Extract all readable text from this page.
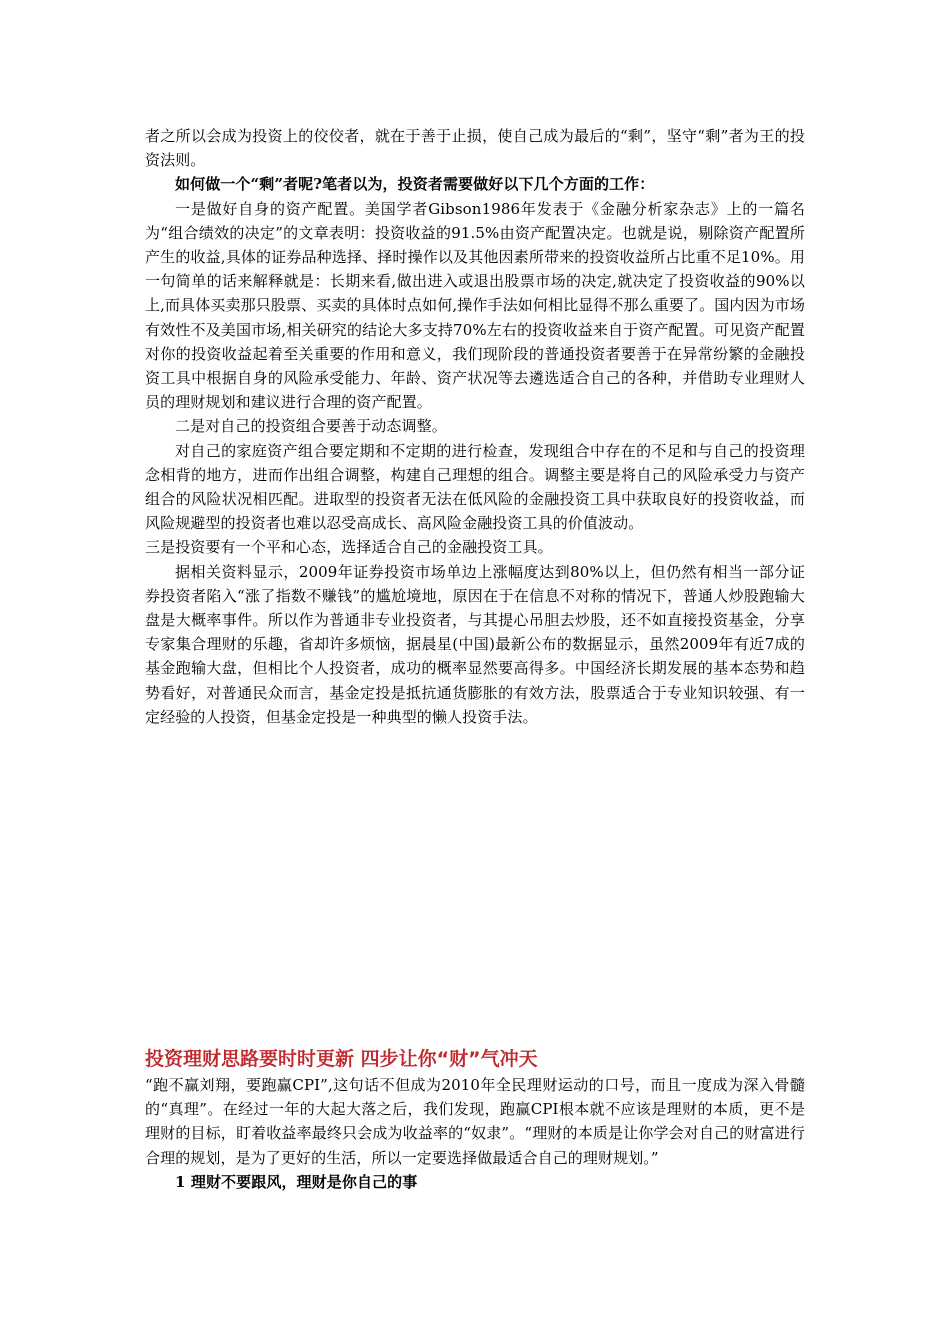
者之所以会成为投资上的佼佼者，就在于善于止损，使自己成为最后的“剩”，坚守“剩”者为王的投资法则。

如何做一个“剩”者呢?笔者以为，投资者需要做好以下几个方面的工作：

一是做好自身的资产配置。美国学者Gibson1986年发表于《金融分析家杂志》上的一篇名为“组合绩效的决定”的文章表明：投资收益的91.5%由资产配置决定。也就是说，剔除资产配置所产生的收益,具体的证券品种选择、择时操作以及其他因素所带来的投资收益所占比重不足10%。用一句简单的话来解释就是：长期来看,做出进入或退出股票市场的决定,就决定了投资收益的90%以上,而具体买卖那只股票、买卖的具体时点如何,操作手法如何相比显得不那么重要了。国内因为市场有效性不及美国市场,相关研究的结论大多支持70%左右的投资收益来自于资产配置。可见资产配置对你的投资收益起着至关重要的作用和意义，我们现阶段的普通投资者要善于在异常纷繁的金融投资工具中根据自身的风险承受能力、年龄、资产状况等去遴选适合自己的各种，并借助专业理财人员的理财规划和建议进行合理的资产配置。

二是对自己的投资组合要善于动态调整。

对自己的家庭资产组合要定期和不定期的进行检查，发现组合中存在的不足和与自己的投资理念相背的地方，进而作出组合调整，构建自己理想的组合。调整主要是将自己的风险承受力与资产组合的风险状况相匹配。进取型的投资者无法在低风险的金融投资工具中获取良好的投资收益，而风险规避型的投资者也难以忍受高成长、高风险金融投资工具的价值波动。

三是投资要有一个平和心态，选择适合自己的金融投资工具。

据相关资料显示，2009年证券投资市场单边上涨幅度达到80%以上，但仍然有相当一部分证券投资者陷入“涨了指数不赚钱”的尴尬境地，原因在于在信息不对称的情况下，普通人炒股跑输大盘是大概率事件。所以作为普通非专业投资者，与其提心吊胆去炒股，还不如直接投资基金，分享专家集合理财的乐趣，省却许多烦恼，据晨星(中国)最新公布的数据显示，虽然2009年有近7成的基金跑输大盘，但相比个人投资者，成功的概率显然要高得多。中国经济长期发展的基本态势和趋势看好，对普通民众而言，基金定投是抵抗通货膨胀的有效方法，股票适合于专业知识较强、有一定经验的人投资，但基金定投是一种典型的懒人投资手法。

投资理财思路要时时更新 四步让你“财”气冲天

“跑不赢刘翔，要跑赢CPI”,这句话不但成为2010年全民理财运动的口号，而且一度成为深入骨髓的“真理”。在经过一年的大起大落之后，我们发现，跑赢CPI根本就不应该是理财的本质，更不是理财的目标，盯着收益率最终只会成为收益率的“奴隶”。“理财的本质是让你学会对自己的财富进行合理的规划，是为了更好的生活，所以一定要选择做最适合自己的理财规划。”

1 理财不要跟风，理财是你自己的事
